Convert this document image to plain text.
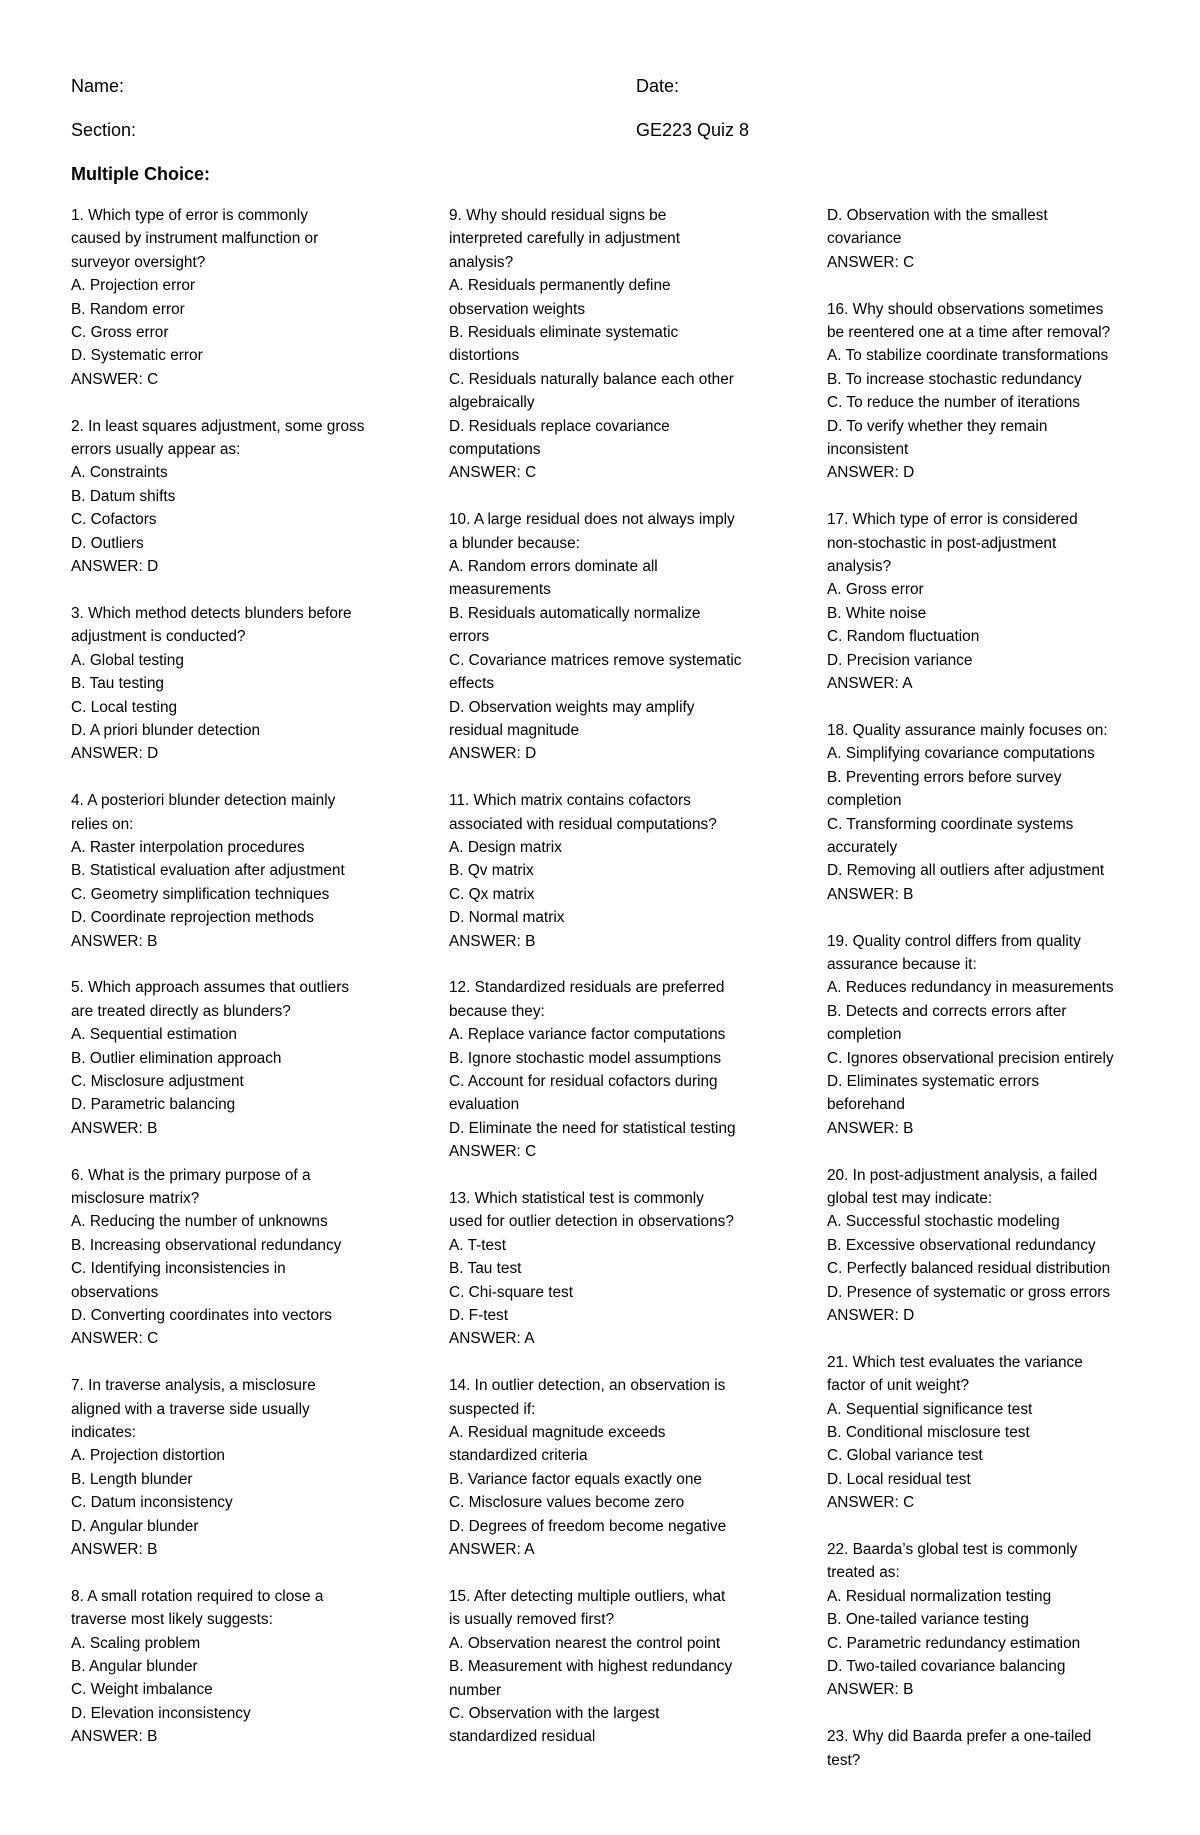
Name:	Date:
Section:	GE223 Quiz 8
Multiple Choice:
1. Which type of error is commonly
caused by instrument malfunction or
surveyor oversight?
A. Projection error
B. Random error
C. Gross error
D. Systematic error
ANSWER: C
2. In least squares adjustment, some gross
errors usually appear as:
A. Constraints
B. Datum shifts
C. Cofactors
D. Outliers
ANSWER: D
3. Which method detects blunders before
adjustment is conducted?
A. Global testing
B. Tau testing
C. Local testing
D. A priori blunder detection
ANSWER: D
4. A posteriori blunder detection mainly
relies on:
A. Raster interpolation procedures
B. Statistical evaluation after adjustment
C. Geometry simplification techniques
D. Coordinate reprojection methods
ANSWER: B
5. Which approach assumes that outliers
are treated directly as blunders?
A. Sequential estimation
B. Outlier elimination approach
C. Misclosure adjustment
D. Parametric balancing
ANSWER: B
6. What is the primary purpose of a
misclosure matrix?
A. Reducing the number of unknowns
B. Increasing observational redundancy
C. Identifying inconsistencies in
observations
D. Converting coordinates into vectors
ANSWER: C
7. In traverse analysis, a misclosure
aligned with a traverse side usually
indicates:
A. Projection distortion
B. Length blunder
C. Datum inconsistency
D. Angular blunder
ANSWER: B
8. A small rotation required to close a
traverse most likely suggests:
A. Scaling problem
B. Angular blunder
C. Weight imbalance
D. Elevation inconsistency
ANSWER: B
9. Why should residual signs be
interpreted carefully in adjustment
analysis?
A. Residuals permanently define
observation weights
B. Residuals eliminate systematic
distortions
C. Residuals naturally balance each other
algebraically
D. Residuals replace covariance
computations
ANSWER: C
10. A large residual does not always imply
a blunder because:
A. Random errors dominate all
measurements
B. Residuals automatically normalize
errors
C. Covariance matrices remove systematic
effects
D. Observation weights may amplify
residual magnitude
ANSWER: D
11. Which matrix contains cofactors
associated with residual computations?
A. Design matrix
B. Qv matrix
C. Qx matrix
D. Normal matrix
ANSWER: B
12. Standardized residuals are preferred
because they:
A. Replace variance factor computations
B. Ignore stochastic model assumptions
C. Account for residual cofactors during
evaluation
D. Eliminate the need for statistical testing
ANSWER: C
13. Which statistical test is commonly
used for outlier detection in observations?
A. T-test
B. Tau test
C. Chi-square test
D. F-test
ANSWER: A
14. In outlier detection, an observation is
suspected if:
A. Residual magnitude exceeds
standardized criteria
B. Variance factor equals exactly one
C. Misclosure values become zero
D. Degrees of freedom become negative
ANSWER: A
15. After detecting multiple outliers, what
is usually removed first?
A. Observation nearest the control point
B. Measurement with highest redundancy
number
C. Observation with the largest
standardized residual
D. Observation with the smallest
covariance
ANSWER: C
16. Why should observations sometimes
be reentered one at a time after removal?
A. To stabilize coordinate transformations
B. To increase stochastic redundancy
C. To reduce the number of iterations
D. To verify whether they remain
inconsistent
ANSWER: D
17. Which type of error is considered
non-stochastic in post-adjustment
analysis?
A. Gross error
B. White noise
C. Random fluctuation
D. Precision variance
ANSWER: A
18. Quality assurance mainly focuses on:
A. Simplifying covariance computations
B. Preventing errors before survey
completion
C. Transforming coordinate systems
accurately
D. Removing all outliers after adjustment
ANSWER: B
19. Quality control differs from quality
assurance because it:
A. Reduces redundancy in measurements
B. Detects and corrects errors after
completion
C. Ignores observational precision entirely
D. Eliminates systematic errors
beforehand
ANSWER: B
20. In post-adjustment analysis, a failed
global test may indicate:
A. Successful stochastic modeling
B. Excessive observational redundancy
C. Perfectly balanced residual distribution
D. Presence of systematic or gross errors
ANSWER: D
21. Which test evaluates the variance
factor of unit weight?
A. Sequential significance test
B. Conditional misclosure test
C. Global variance test
D. Local residual test
ANSWER: C
22. Baarda’s global test is commonly
treated as:
A. Residual normalization testing
B. One-tailed variance testing
C. Parametric redundancy estimation
D. Two-tailed covariance balancing
ANSWER: B
23. Why did Baarda prefer a one-tailed
test?
